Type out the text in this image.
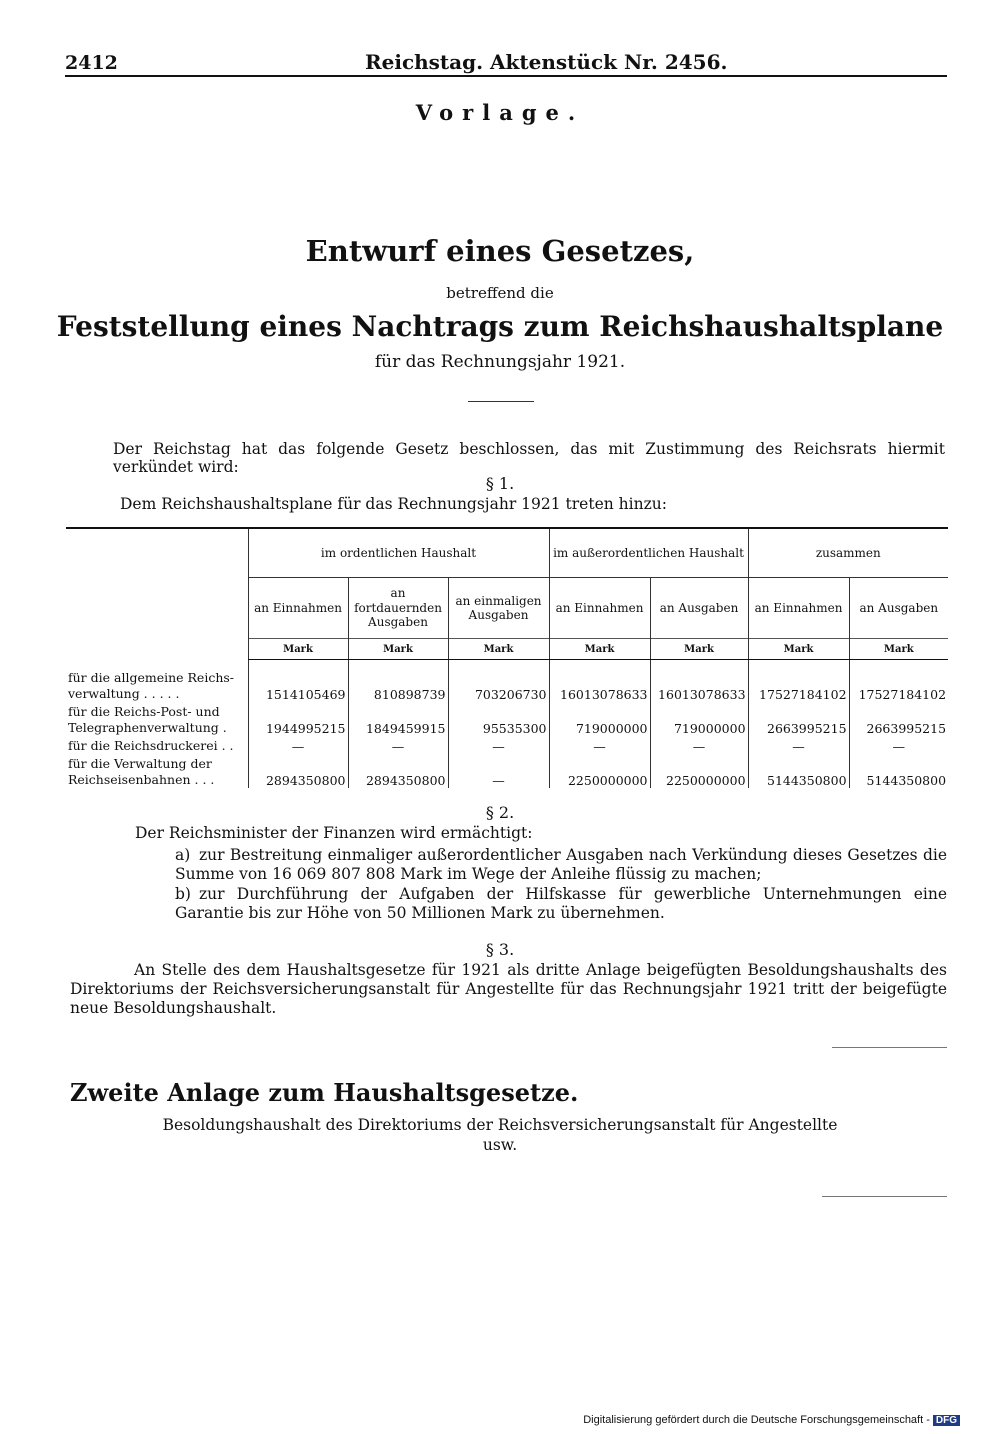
2412	Reichstag. Aktenstück Nr. 2456.
Vorlage.
Entwurf eines Gesetzes,
betreffend die
Feststellung eines Nachtrags zum Reichshaushaltsplane
für das Rechnungsjahr 1921.
Der Reichstag hat das folgende Gesetz beschlossen, das mit Zustimmung des Reichsrats hiermit verkündet wird:
§ 1.
Dem Reichshaushaltsplane für das Rechnungsjahr 1921 treten hinzu:
	im ordentlichen Haushalt			im außerordentlichen Haushalt		zusammen	
	an Einnahmen	an fortdauernden Ausgaben	an einmaligen Ausgaben	an Einnahmen	an Ausgaben	an Einnahmen	an Ausgaben
	Mark	Mark	Mark	Mark	Mark	Mark	Mark
für die allgemeine Reichs-
verwaltung . . . . .	1514105469	810898739	703206730	16013078633	16013078633	17527184102	17527184102
für die Reichs-Post- und
Telegraphenverwaltung .	1944995215	1849459915	95535300	719000000	719000000	2663995215	2663995215
für die Reichsdruckerei . .	—	—	—	—	—	—	—
für die Verwaltung der
Reichseisenbahnen . . .	2894350800	2894350800	—	2250000000	2250000000	5144350800	5144350800
§ 2.
Der Reichsminister der Finanzen wird ermächtigt:
a) zur Bestreitung einmaliger außerordentlicher Ausgaben nach Verkündung dieses Gesetzes die Summe von 16 069 807 808 Mark im Wege der Anleihe flüssig zu machen;
b) zur Durchführung der Aufgaben der Hilfskasse für gewerbliche Unternehmungen eine Garantie bis zur Höhe von 50 Millionen Mark zu übernehmen.
§ 3.
An Stelle des dem Haushaltsgesetze für 1921 als dritte Anlage beigefügten Besoldungshaushalts des Direktoriums der Reichsversicherungsanstalt für Angestellte für das Rechnungsjahr 1921 tritt der beigefügte neue Besoldungshaushalt.
Zweite Anlage zum Haushaltsgesetze.
Besoldungshaushalt des Direktoriums der Reichsversicherungsanstalt für Angestellte
usw.
Digitalisierung gefördert durch die Deutsche Forschungsgemeinschaft - DFG
